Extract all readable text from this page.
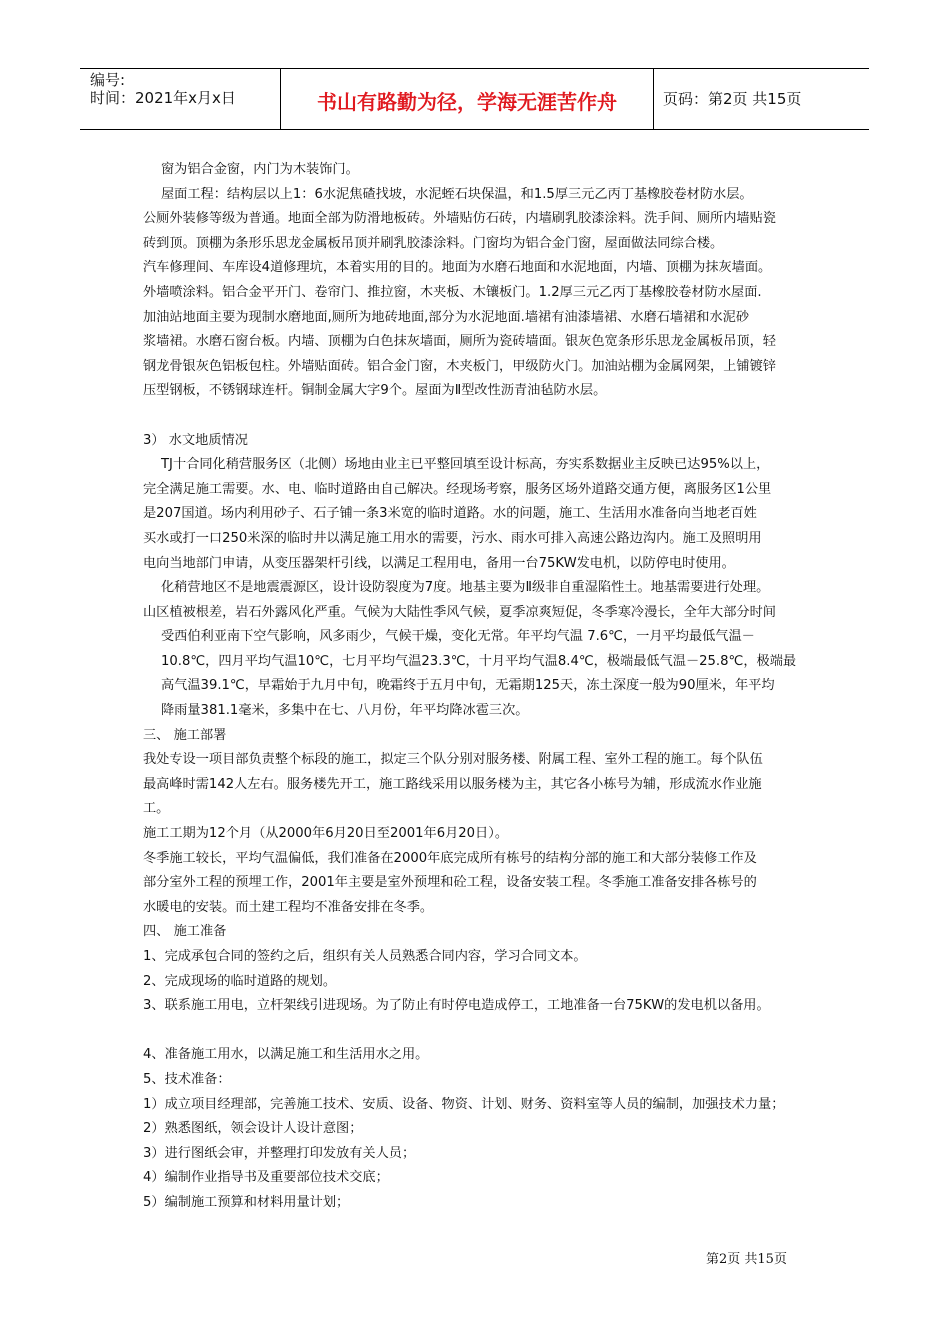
编号:
时间：2021年x月x日	书山有路勤为径，学海无涯苦作舟	页码：第2页 共15页

窗为铝合金窗，内门为木装饰门。

屋面工程：结构层以上1：6水泥焦碴找坡，水泥蛭石块保温，和1.5厚三元乙丙丁基橡胶卷材防水层。

公厕外装修等级为普通。地面全部为防滑地板砖。外墙贴仿石砖，内墙刷乳胶漆涂料。洗手间、厕所内墙贴瓷

砖到顶。顶棚为条形乐思龙金属板吊顶并刷乳胶漆涂料。门窗均为铝合金门窗，屋面做法同综合楼。

汽车修理间、车库设4道修理坑，本着实用的目的。地面为水磨石地面和水泥地面，内墙、顶棚为抹灰墙面。

外墙喷涂料。铝合金平开门、卷帘门、推拉窗，木夹板、木镶板门。1.2厚三元乙丙丁基橡胶卷材防水屋面.

加油站地面主要为现制水磨地面,厕所为地砖地面,部分为水泥地面.墙裙有油漆墙裙、水磨石墙裙和水泥砂

浆墙裙。水磨石窗台板。内墙、顶棚为白色抹灰墙面，厕所为瓷砖墙面。银灰色宽条形乐思龙金属板吊顶，轻

钢龙骨银灰色铝板包柱。外墙贴面砖。铝合金门窗，木夹板门，甲级防火门。加油站棚为金属网架，上铺镀锌

压型钢板，不锈钢球连杆。铜制金属大字9个。屋面为Ⅱ型改性沥青油毡防水层。

3） 水文地质情况

TJ十合同化稍营服务区（北侧）场地由业主已平整回填至设计标高，夯实系数据业主反映已达95%以上，

完全满足施工需要。水、电、临时道路由自己解决。经现场考察，服务区场外道路交通方便，离服务区1公里

是207国道。场内利用砂子、石子铺一条3米宽的临时道路。水的问题，施工、生活用水准备向当地老百姓

买水或打一口250米深的临时井以满足施工用水的需要，污水、雨水可排入高速公路边沟内。施工及照明用

电向当地部门申请，从变压器架杆引线，以满足工程用电，备用一台75KW发电机，以防停电时使用。

化稍营地区不是地震震源区，设计设防裂度为7度。地基主要为Ⅱ级非自重湿陷性土。地基需要进行处理。

山区植被根差，岩石外露风化严重。气候为大陆性季风气候，夏季凉爽短促，冬季寒冷漫长，全年大部分时间

受西伯利亚南下空气影响，风多雨少，气候干燥，变化无常。年平均气温 7.6℃，一月平均最低气温－

10.8℃，四月平均气温10℃，七月平均气温23.3℃，十月平均气温8.4℃，极端最低气温－25.8℃，极端最

高气温39.1℃，早霜始于九月中旬，晚霜终于五月中旬，无霜期125天，冻土深度一般为90厘米，年平均

降雨量381.1毫米，多集中在七、八月份，年平均降冰雹三次。

三、 施工部署

我处专设一项目部负责整个标段的施工，拟定三个队分别对服务楼、附属工程、室外工程的施工。每个队伍

最高峰时需142人左右。服务楼先开工，施工路线采用以服务楼为主，其它各小栋号为辅，形成流水作业施

工。

施工工期为12个月（从2000年6月20日至2001年6月20日）。

冬季施工较长，平均气温偏低，我们准备在2000年底完成所有栋号的结构分部的施工和大部分装修工作及

部分室外工程的预埋工作，2001年主要是室外预埋和砼工程，设备安装工程。冬季施工准备安排各栋号的

水暖电的安装。而土建工程均不准备安排在冬季。

四、 施工准备

1、完成承包合同的签约之后，组织有关人员熟悉合同内容，学习合同文本。

2、完成现场的临时道路的规划。

3、联系施工用电，立杆架线引进现场。为了防止有时停电造成停工，工地准备一台75KW的发电机以备用。

4、准备施工用水，以满足施工和生活用水之用。

5、技术准备：

1）成立项目经理部，完善施工技术、安质、设备、物资、计划、财务、资料室等人员的编制，加强技术力量；

2）熟悉图纸，领会设计人设计意图；

3）进行图纸会审，并整理打印发放有关人员；

4）编制作业指导书及重要部位技术交底；

5）编制施工预算和材料用量计划；

第2页 共15页
